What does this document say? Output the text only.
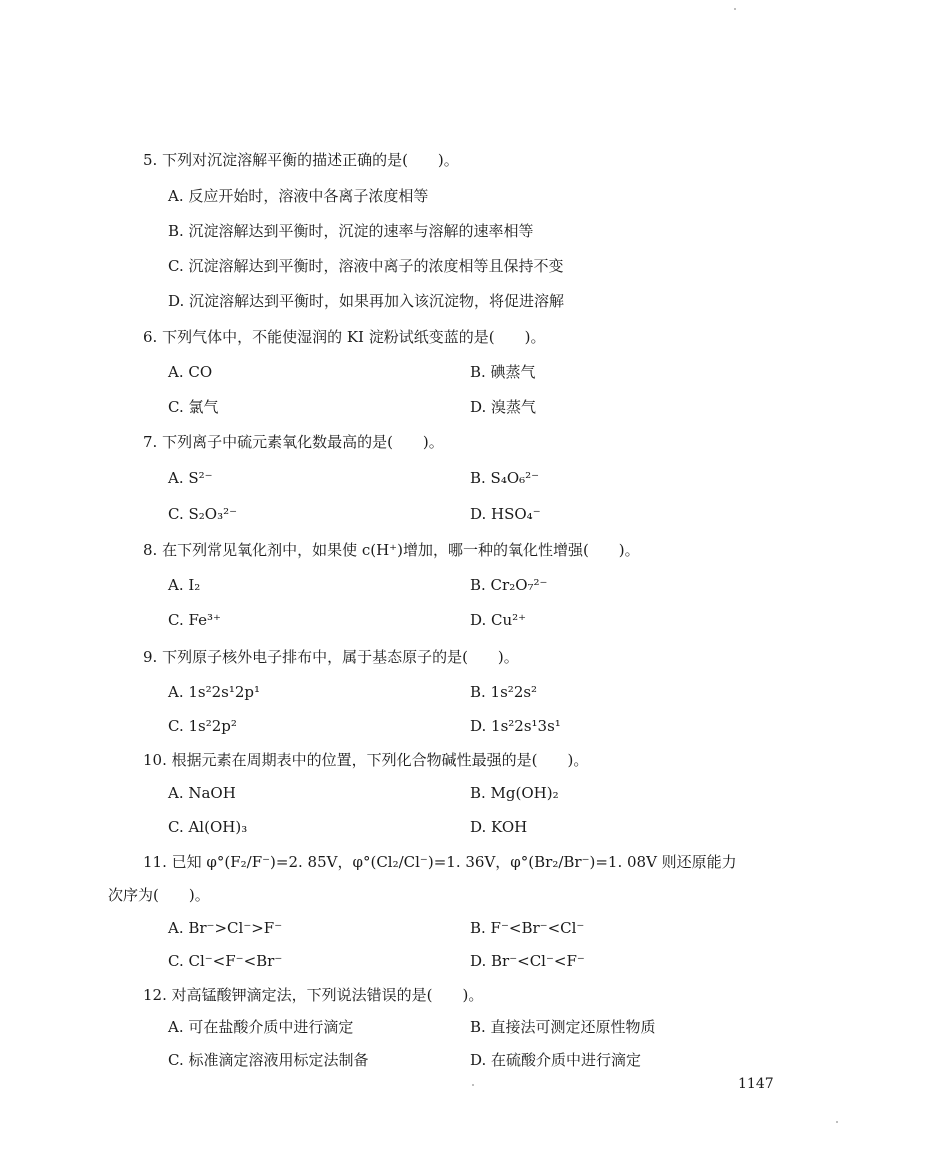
5. 下列对沉淀溶解平衡的描述正确的是(　　)。
A. 反应开始时，溶液中各离子浓度相等
B. 沉淀溶解达到平衡时，沉淀的速率与溶解的速率相等
C. 沉淀溶解达到平衡时，溶液中离子的浓度相等且保持不变
D. 沉淀溶解达到平衡时，如果再加入该沉淀物，将促进溶解
6. 下列气体中，不能使湿润的 KI 淀粉试纸变蓝的是(　　)。
A. CO	B. 碘蒸气
C. 氯气	D. 溴蒸气
7. 下列离子中硫元素氧化数最高的是(　　)。
A. S²⁻	B. S₄O₆²⁻
C. S₂O₃²⁻	D. HSO₄⁻
8. 在下列常见氧化剂中，如果使 c(H⁺)增加，哪一种的氧化性增强(　　)。
A. I₂	B. Cr₂O₇²⁻
C. Fe³⁺	D. Cu²⁺
9. 下列原子核外电子排布中，属于基态原子的是(　　)。
A. 1s²2s¹2p¹	B. 1s²2s²
C. 1s²2p²	D. 1s²2s¹3s¹
10. 根据元素在周期表中的位置，下列化合物碱性最强的是(　　)。
A. NaOH	B. Mg(OH)₂
C. Al(OH)₃	D. KOH
11. 已知 φ°(F₂/F⁻)=2. 85V，φ°(Cl₂/Cl⁻)=1. 36V，φ°(Br₂/Br⁻)=1. 08V 则还原能力
次序为(　　)。
A. Br⁻>Cl⁻>F⁻	B. F⁻<Br⁻<Cl⁻
C. Cl⁻<F⁻<Br⁻	D. Br⁻<Cl⁻<F⁻
12. 对高锰酸钾滴定法，下列说法错误的是(　　)。
A. 可在盐酸介质中进行滴定	B. 直接法可测定还原性物质
C. 标准滴定溶液用标定法制备	D. 在硫酸介质中进行滴定
1147
